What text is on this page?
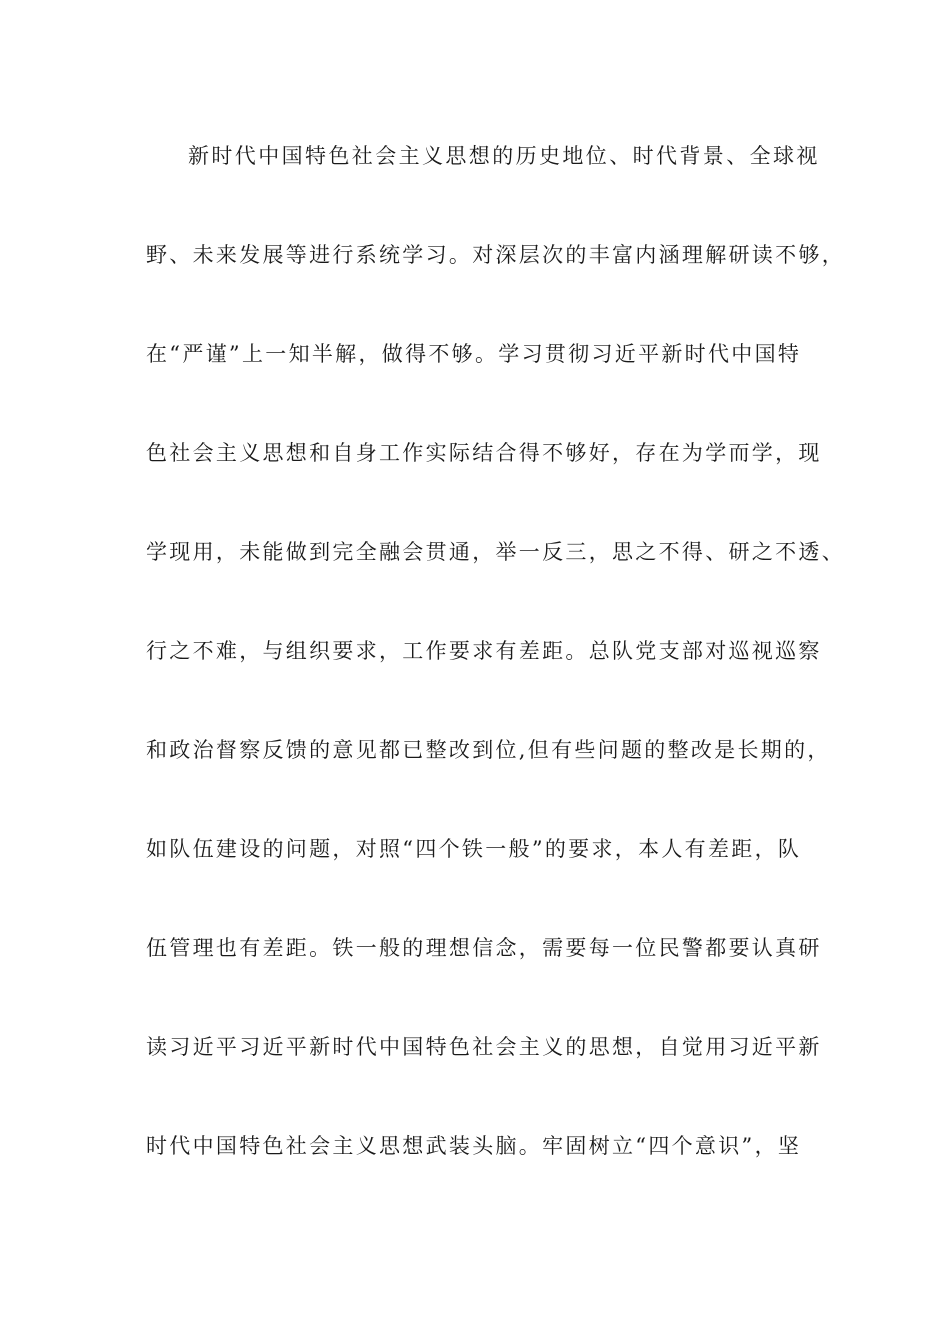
新时代中国特色社会主义思想的历史地位、时代背景、全球视
野、未来发展等进行系统学习。对深层次的丰富内涵理解研读不够，
在“严谨”上一知半解，做得不够。学习贯彻习近平新时代中国特
色社会主义思想和自身工作实际结合得不够好，存在为学而学，现
学现用，未能做到完全融会贯通，举一反三，思之不得、研之不透、
行之不难，与组织要求，工作要求有差距。总队党支部对巡视巡察
和政治督察反馈的意见都已整改到位,但有些问题的整改是长期的，
如队伍建设的问题，对照“四个铁一般”的要求，本人有差距，队
伍管理也有差距。铁一般的理想信念，需要每一位民警都要认真研
读习近平习近平新时代中国特色社会主义的思想，自觉用习近平新
时代中国特色社会主义思想武装头脑。牢固树立“四个意识”，坚
